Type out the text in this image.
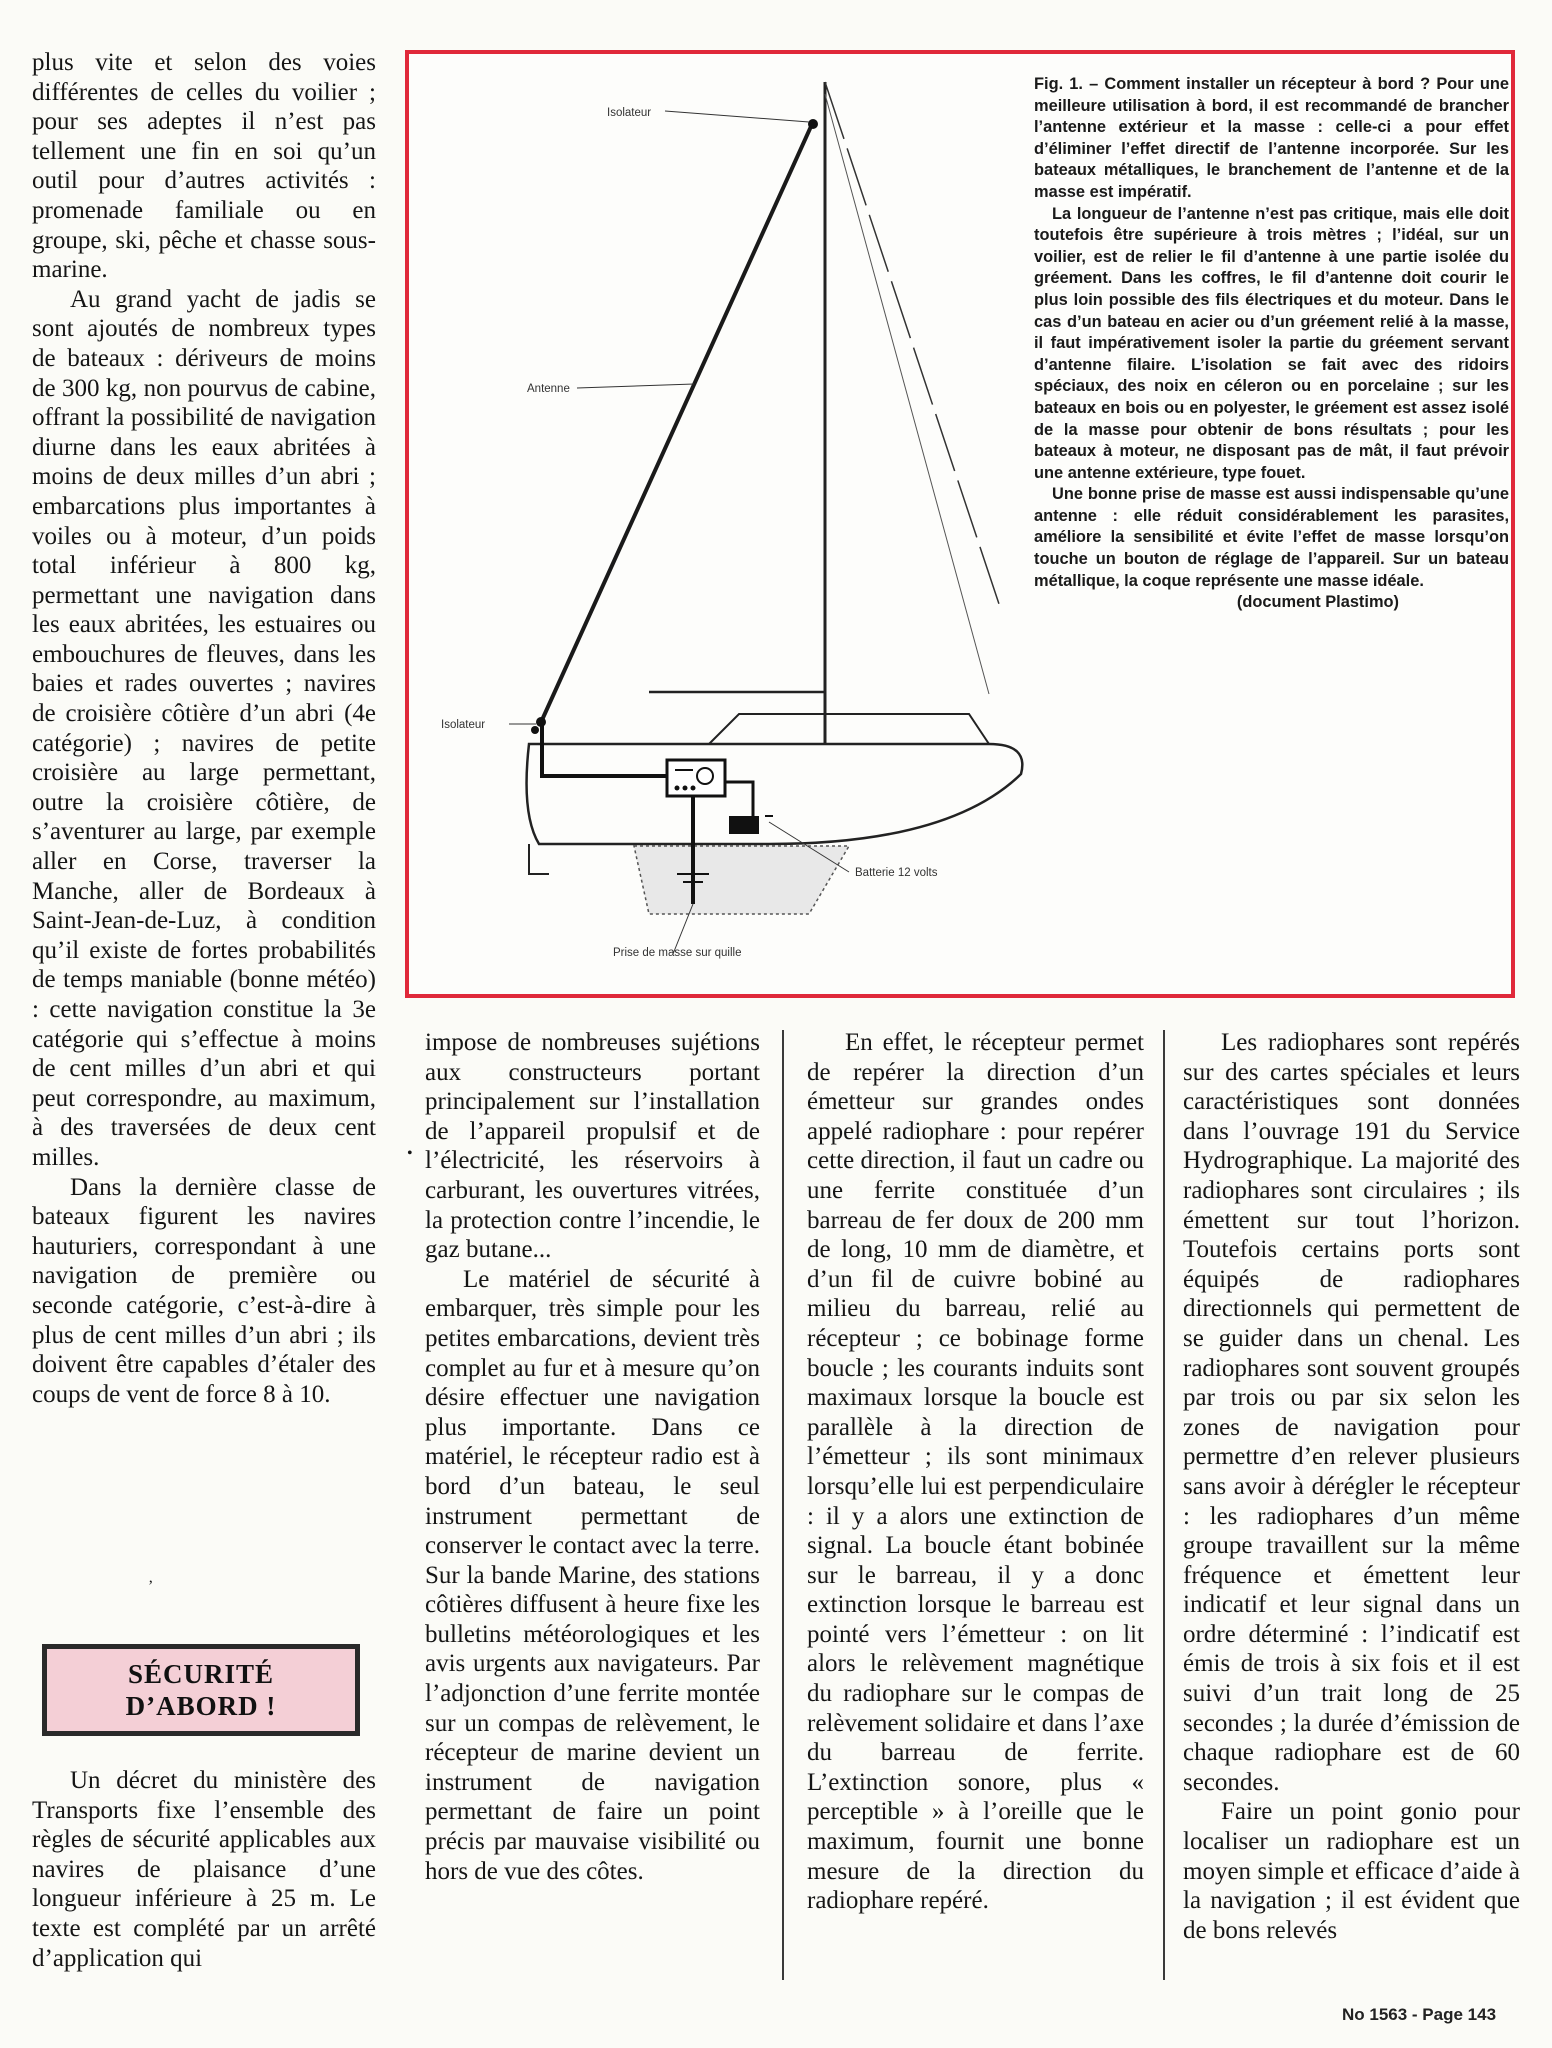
plus vite et selon des voies différentes de celles du voilier ; pour ses adeptes il n’est pas tellement une fin en soi qu’un outil pour d’autres activités : promenade familiale ou en groupe, ski, pêche et chasse sous-marine.

Au grand yacht de jadis se sont ajoutés de nombreux types de bateaux : dériveurs de moins de 300 kg, non pourvus de cabine, offrant la possibilité de navigation diurne dans les eaux abritées à moins de deux milles d’un abri ; embarcations plus importantes à voiles ou à moteur, d’un poids total inférieur à 800 kg, permettant une navigation dans les eaux abritées, les estuaires ou embouchures de fleuves, dans les baies et rades ouvertes ; navires de croisière côtière d’un abri (4e catégorie) ; navires de petite croisière au large permettant, outre la croisière côtière, de s’aventurer au large, par exemple aller en Corse, traverser la Manche, aller de Bordeaux à Saint-Jean-de-Luz, à condition qu’il existe de fortes probabilités de temps maniable (bonne météo) : cette navigation constitue la 3e catégorie qui s’effectue à moins de cent milles d’un abri et qui peut correspondre, au maximum, à des traversées de deux cent milles.

Dans la dernière classe de bateaux figurent les navires hauturiers, correspondant à une navigation de première ou seconde catégorie, c’est-à-dire à plus de cent milles d’un abri ; ils doivent être capables d’étaler des coups de vent de force 8 à 10.

ʼ
SÉCURITÉ D’ABORD !

Un décret du ministère des Transports fixe l’ensemble des règles de sécurité applicables aux navires de plaisance d’une longueur inférieure à 25 m. Le texte est complété par un arrêté d’application qui

Isolateur
Antenne
Isolateur
Batterie 12 volts
Prise de masse sur quille

Fig. 1. – Comment installer un récepteur à bord ? Pour une meilleure utilisation à bord, il est recommandé de brancher l’antenne extérieur et la masse : celle-ci a pour effet d’éliminer l’effet directif de l’antenne incorporée. Sur les bateaux métalliques, le branchement de l’antenne et de la masse est impératif.

La longueur de l’antenne n’est pas critique, mais elle doit toutefois être supérieure à trois mètres ; l’idéal, sur un voilier, est de relier le fil d’antenne à une partie isolée du gréement. Dans les coffres, le fil d’antenne doit courir le plus loin possible des fils électriques et du moteur. Dans le cas d’un bateau en acier ou d’un gréement relié à la masse, il faut impérativement isoler la partie du gréement servant d’antenne filaire. L’isolation se fait avec des ridoirs spéciaux, des noix en céleron ou en porcelaine ; sur les bateaux en bois ou en polyester, le gréement est assez isolé de la masse pour obtenir de bons résultats ; pour les bateaux à moteur, ne disposant pas de mât, il faut prévoir une antenne extérieure, type fouet.

Une bonne prise de masse est aussi indispensable qu’une antenne : elle réduit considérablement les parasites, améliore la sensibilité et évite l’effet de masse lorsqu’on touche un bouton de réglage de l’appareil. Sur un bateau métallique, la coque représente une masse idéale.

(document Plastimo)

•

impose de nombreuses sujétions aux constructeurs portant principalement sur l’installation de l’appareil propulsif et de l’électricité, les réservoirs à carburant, les ouvertures vitrées, la protection contre l’incendie, le gaz butane...

Le matériel de sécurité à embarquer, très simple pour les petites embarcations, devient très complet au fur et à mesure qu’on désire effectuer une navigation plus importante. Dans ce matériel, le récepteur radio est à bord d’un bateau, le seul instrument permettant de conserver le contact avec la terre. Sur la bande Marine, des stations côtières diffusent à heure fixe les bulletins météorologiques et les avis urgents aux navigateurs. Par l’adjonction d’une ferrite montée sur un compas de relèvement, le récepteur de marine devient un instrument de navigation permettant de faire un point précis par mauvaise visibilité ou hors de vue des côtes.

En effet, le récepteur permet de repérer la direction d’un émetteur sur grandes ondes appelé radiophare : pour repérer cette direction, il faut un cadre ou une ferrite constituée d’un barreau de fer doux de 200 mm de long, 10 mm de diamètre, et d’un fil de cuivre bobiné au milieu du barreau, relié au récepteur ; ce bobinage forme boucle ; les courants induits sont maximaux lorsque la boucle est parallèle à la direction de l’émetteur ; ils sont minimaux lorsqu’elle lui est perpendiculaire : il y a alors une extinction de signal. La boucle étant bobinée sur le barreau, il y a donc extinction lorsque le barreau est pointé vers l’émetteur : on lit alors le relèvement magnétique du radiophare sur le compas de relèvement solidaire et dans l’axe du barreau de ferrite. L’extinction sonore, plus « perceptible » à l’oreille que le maximum, fournit une bonne mesure de la direction du radiophare repéré.

Les radiophares sont repérés sur des cartes spéciales et leurs caractéristiques sont données dans l’ouvrage 191 du Service Hydrographique. La majorité des radiophares sont circulaires ; ils émettent sur tout l’horizon. Toutefois certains ports sont équipés de radiophares directionnels qui permettent de se guider dans un chenal. Les radiophares sont souvent groupés par trois ou par six selon les zones de navigation pour permettre d’en relever plusieurs sans avoir à dérégler le récepteur : les radiophares d’un même groupe travaillent sur la même fréquence et émettent leur indicatif et leur signal dans un ordre déterminé : l’indicatif est émis de trois à six fois et il est suivi d’un trait long de 25 secondes ; la durée d’émission de chaque radiophare est de 60 secondes.

Faire un point gonio pour localiser un radiophare est un moyen simple et efficace d’aide à la navigation ; il est évident que de bons relevés

No 1563 - Page 143
